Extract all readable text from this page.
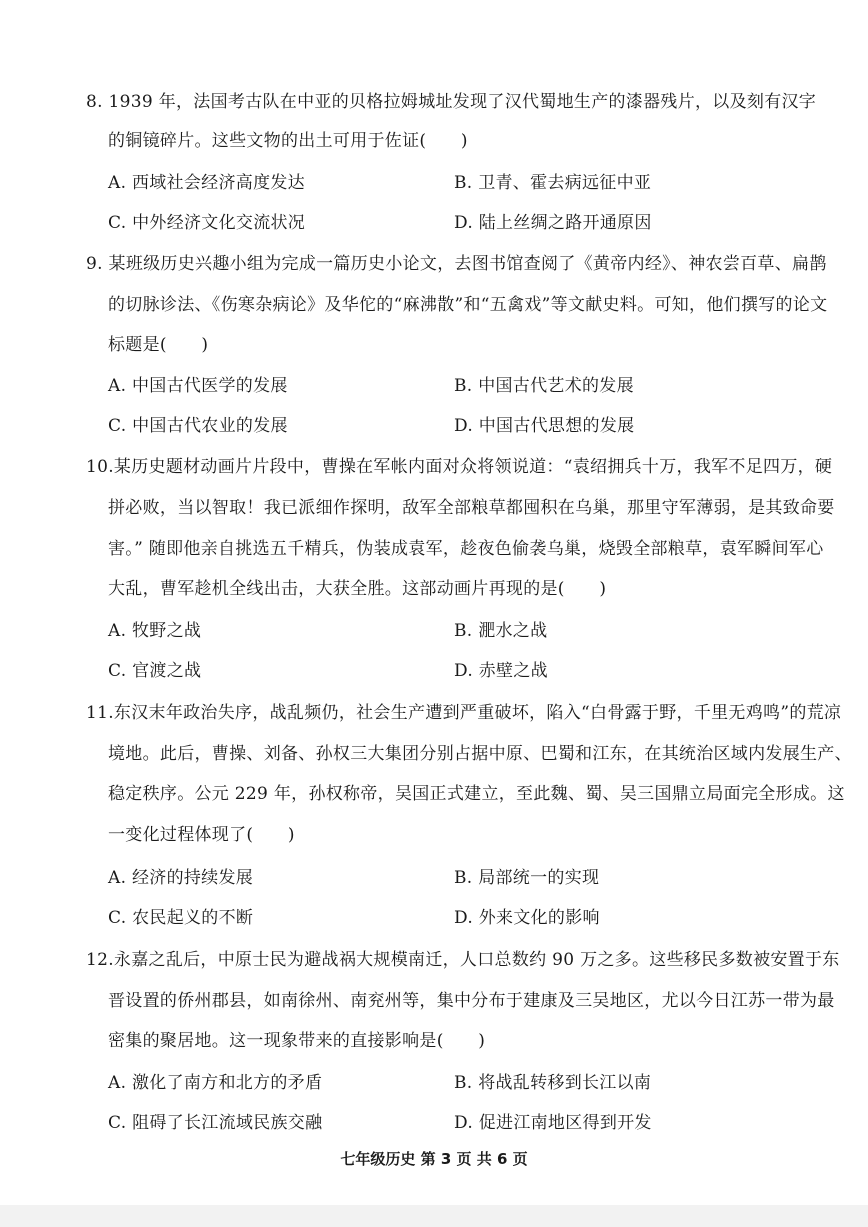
8. 1939 年，法国考古队在中亚的贝格拉姆城址发现了汉代蜀地生产的漆器残片，以及刻有汉字
的铜镜碎片。这些文物的出土可用于佐证(　　)
A. 西域社会经济高度发达	B. 卫青、霍去病远征中亚
C. 中外经济文化交流状况	D. 陆上丝绸之路开通原因
9. 某班级历史兴趣小组为完成一篇历史小论文，去图书馆查阅了《黄帝内经》、神农尝百草、扁鹊
的切脉诊法、《伤寒杂病论》及华佗的“麻沸散”和“五禽戏”等文献史料。可知，他们撰写的论文
标题是(　　)
A. 中国古代医学的发展	B. 中国古代艺术的发展
C. 中国古代农业的发展	D. 中国古代思想的发展
10.某历史题材动画片片段中，曹操在军帐内面对众将领说道：“袁绍拥兵十万，我军不足四万，硬
拼必败，当以智取！我已派细作探明，敌军全部粮草都囤积在乌巢，那里守军薄弱，是其致命要
害。” 随即他亲自挑选五千精兵，伪装成袁军，趁夜色偷袭乌巢，烧毁全部粮草，袁军瞬间军心
大乱，曹军趁机全线出击，大获全胜。这部动画片再现的是(　　)
A. 牧野之战	B. 淝水之战
C. 官渡之战	D. 赤壁之战
11.东汉末年政治失序，战乱频仍，社会生产遭到严重破坏，陷入“白骨露于野，千里无鸡鸣”的荒凉
境地。此后，曹操、刘备、孙权三大集团分别占据中原、巴蜀和江东，在其统治区域内发展生产、
稳定秩序。公元 229 年，孙权称帝，吴国正式建立，至此魏、蜀、吴三国鼎立局面完全形成。这
一变化过程体现了(　　)
A. 经济的持续发展	B. 局部统一的实现
C. 农民起义的不断	D. 外来文化的影响
12.永嘉之乱后，中原士民为避战祸大规模南迁，人口总数约 90 万之多。这些移民多数被安置于东
晋设置的侨州郡县，如南徐州、南兖州等，集中分布于建康及三吴地区，尤以今日江苏一带为最
密集的聚居地。这一现象带来的直接影响是(　　)
A. 激化了南方和北方的矛盾	B. 将战乱转移到长江以南
C. 阻碍了长江流域民族交融	D. 促进江南地区得到开发
七年级历史 第 3 页 共 6 页
